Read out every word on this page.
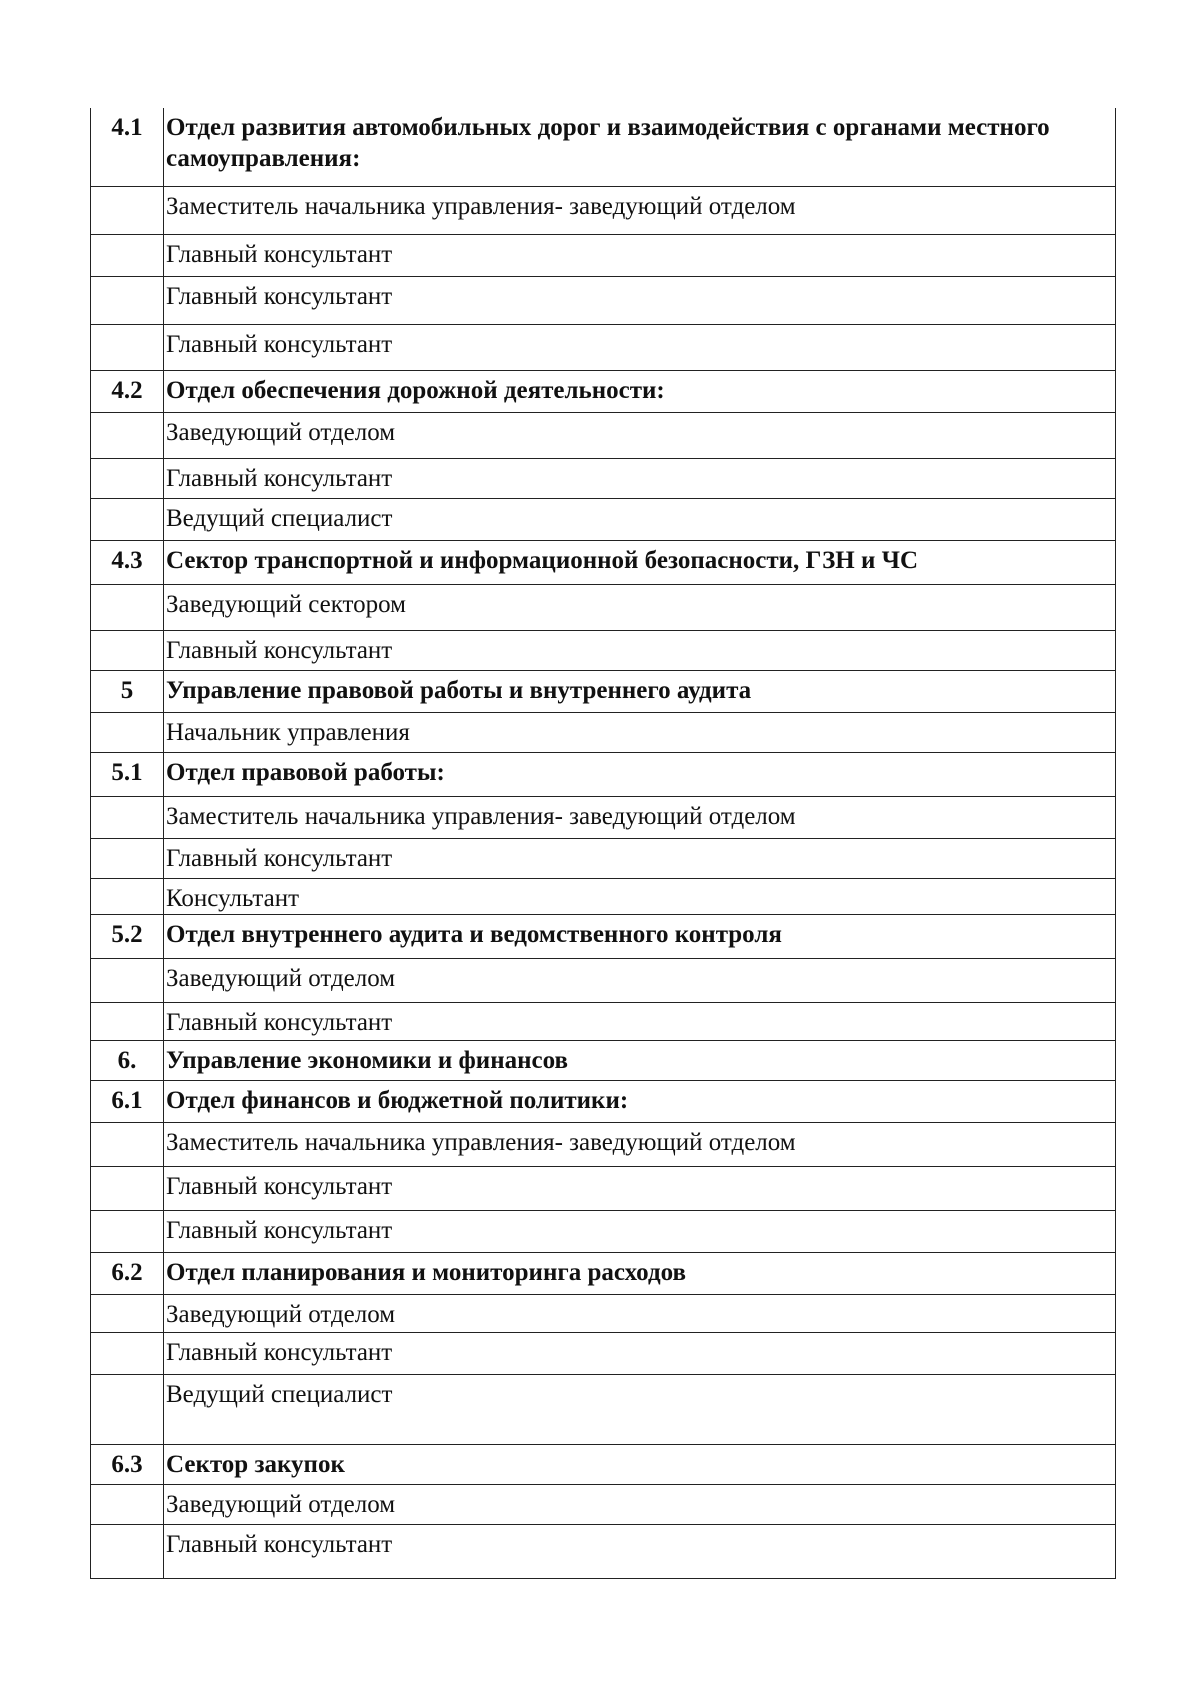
4.1	Отдел развития автомобильных дорог и взаимодействия с органами местного самоуправления:
	Заместитель начальника управления- заведующий отделом
	Главный консультант
	Главный консультант
	Главный консультант
4.2	Отдел обеспечения дорожной деятельности:
	Заведующий отделом
	Главный консультант
	Ведущий специалист
4.3	Сектор транспортной и информационной безопасности, ГЗН и ЧС
	Заведующий сектором
	Главный консультант
5	Управление правовой работы и внутреннего аудита
	Начальник управления
5.1	Отдел правовой работы:
	Заместитель начальника управления- заведующий отделом
	Главный консультант
	Консультант
5.2	Отдел внутреннего аудита и ведомственного контроля
	Заведующий отделом
	Главный консультант
6.	Управление экономики и финансов
6.1	Отдел финансов и бюджетной политики:
	Заместитель начальника управления- заведующий отделом
	Главный консультант
	Главный консультант
6.2	Отдел планирования и мониторинга расходов
	Заведующий отделом
	Главный консультант
	Ведущий специалист
6.3	Сектор закупок
	Заведующий отделом
	Главный консультант
